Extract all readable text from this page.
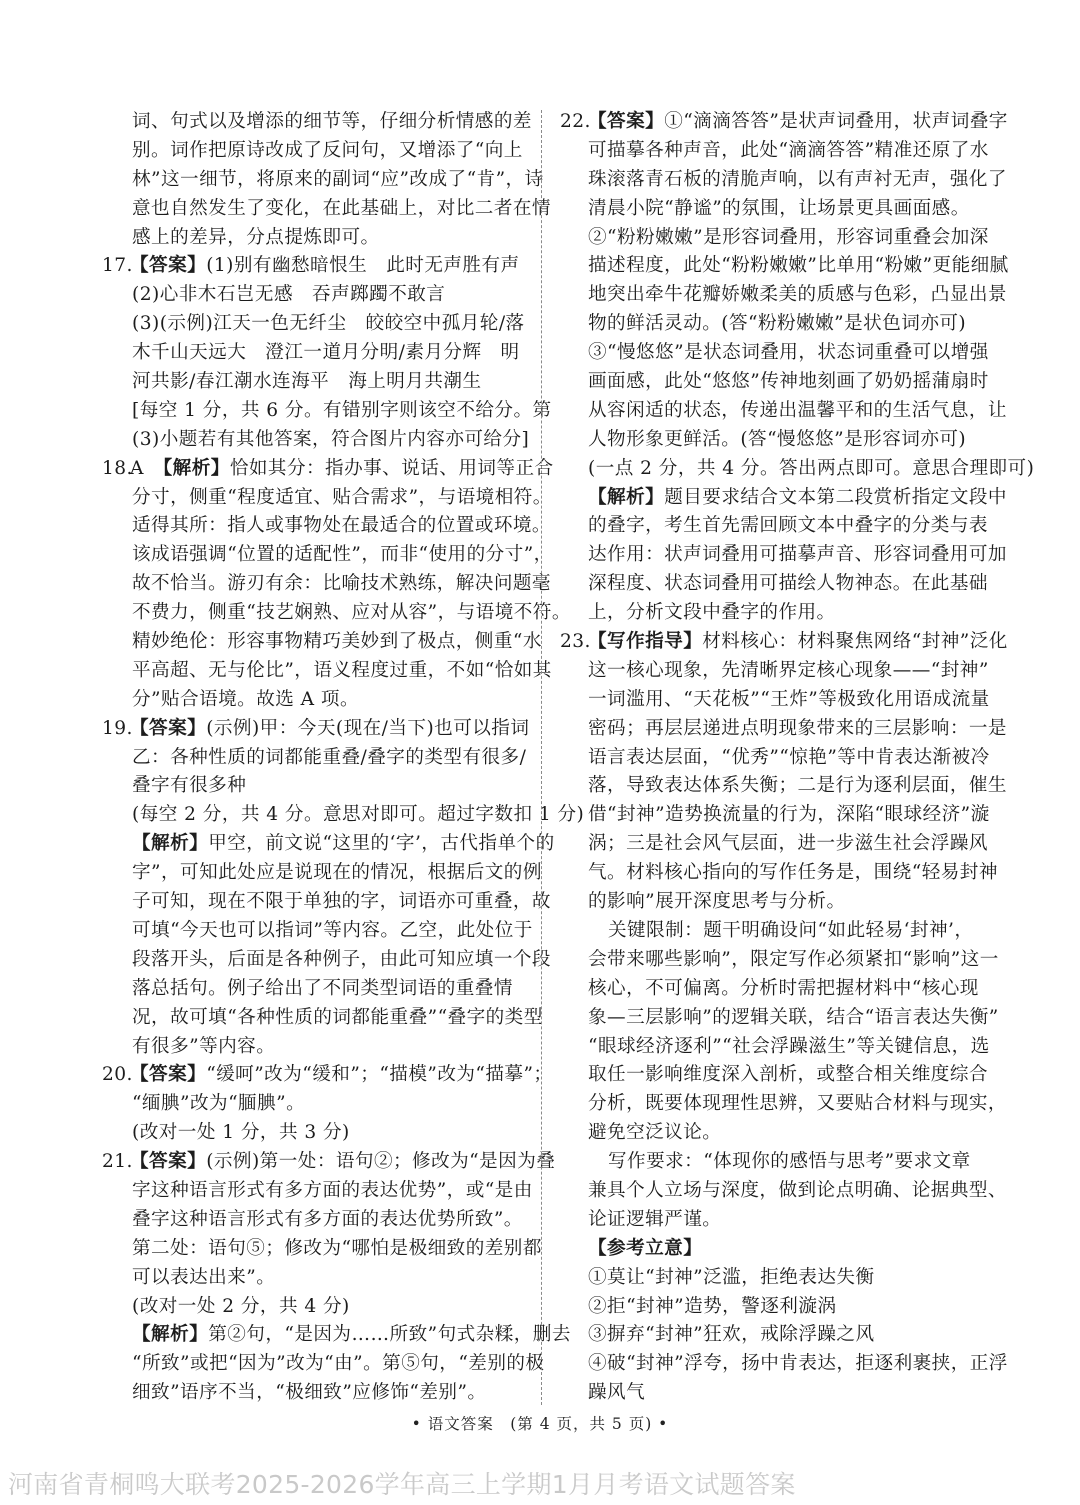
词、句式以及增添的细节等，仔细分析情感的差
别。词作把原诗改成了反问句，又增添了“向上
林”这一细节，将原来的副词“应”改成了“肯”，诗
意也自然发生了变化，在此基础上，对比二者在情
感上的差异，分点提炼即可。
17.【答案】(1)别有幽愁暗恨生　此时无声胜有声
(2)心非木石岂无感　吞声踯躅不敢言
(3)(示例)江天一色无纤尘　皎皎空中孤月轮/落
木千山天远大　澄江一道月分明/素月分辉　明
河共影/春江潮水连海平　海上明月共潮生
[每空 1 分，共 6 分。有错别字则该空不给分。第
(3)小题若有其他答案，符合图片内容亦可给分]
18.A　【解析】恰如其分：指办事、说话、用词等正合
分寸，侧重“程度适宜、贴合需求”，与语境相符。
适得其所：指人或事物处在最适合的位置或环境。
该成语强调“位置的适配性”，而非“使用的分寸”，
故不恰当。游刃有余：比喻技术熟练，解决问题毫
不费力，侧重“技艺娴熟、应对从容”，与语境不符。
精妙绝伦：形容事物精巧美妙到了极点，侧重“水
平高超、无与伦比”，语义程度过重，不如“恰如其
分”贴合语境。故选 A 项。
19.【答案】(示例)甲：今天(现在/当下)也可以指词
乙：各种性质的词都能重叠/叠字的类型有很多/
叠字有很多种
(每空 2 分，共 4 分。意思对即可。超过字数扣 1 分)
【解析】甲空，前文说“这里的‘字’，古代指单个的
字”，可知此处应是说现在的情况，根据后文的例
子可知，现在不限于单独的字，词语亦可重叠，故
可填“今天也可以指词”等内容。乙空，此处位于
段落开头，后面是各种例子，由此可知应填一个段
落总括句。例子给出了不同类型词语的重叠情
况，故可填“各种性质的词都能重叠”“叠字的类型
有很多”等内容。
20.【答案】“缓呵”改为“缓和”；“描模”改为“描摹”；
“缅腆”改为“腼腆”。
(改对一处 1 分，共 3 分)
21.【答案】(示例)第一处：语句②；修改为“是因为叠
字这种语言形式有多方面的表达优势”，或“是由
叠字这种语言形式有多方面的表达优势所致”。
第二处：语句⑤；修改为“哪怕是极细致的差别都
可以表达出来”。
(改对一处 2 分，共 4 分)
【解析】第②句，“是因为……所致”句式杂糅，删去
“所致”或把“因为”改为“由”。第⑤句，“差别的极
细致”语序不当，“极细致”应修饰“差别”。
22.【答案】①“滴滴答答”是状声词叠用，状声词叠字
可描摹各种声音，此处“滴滴答答”精准还原了水
珠滚落青石板的清脆声响，以有声衬无声，强化了
清晨小院“静谧”的氛围，让场景更具画面感。
②“粉粉嫩嫩”是形容词叠用，形容词重叠会加深
描述程度，此处“粉粉嫩嫩”比单用“粉嫩”更能细腻
地突出牵牛花瓣娇嫩柔美的质感与色彩，凸显出景
物的鲜活灵动。(答“粉粉嫩嫩”是状色词亦可)
③“慢悠悠”是状态词叠用，状态词重叠可以增强
画面感，此处“悠悠”传神地刻画了奶奶摇蒲扇时
从容闲适的状态，传递出温馨平和的生活气息，让
人物形象更鲜活。(答“慢悠悠”是形容词亦可)
(一点 2 分，共 4 分。答出两点即可。意思合理即可)
【解析】题目要求结合文本第二段赏析指定文段中
的叠字，考生首先需回顾文本中叠字的分类与表
达作用：状声词叠用可描摹声音、形容词叠用可加
深程度、状态词叠用可描绘人物神态。在此基础
上，分析文段中叠字的作用。
23.【写作指导】材料核心：材料聚焦网络“封神”泛化
这一核心现象，先清晰界定核心现象——“封神”
一词滥用、“天花板”“王炸”等极致化用语成流量
密码；再层层递进点明现象带来的三层影响：一是
语言表达层面，“优秀”“惊艳”等中肯表达渐被冷
落，导致表达体系失衡；二是行为逐利层面，催生
借“封神”造势换流量的行为，深陷“眼球经济”漩
涡；三是社会风气层面，进一步滋生社会浮躁风
气。材料核心指向的写作任务是，围绕“轻易封神
的影响”展开深度思考与分析。
关键限制：题干明确设问“如此轻易‘封神’，
会带来哪些影响”，限定写作必须紧扣“影响”这一
核心，不可偏离。分析时需把握材料中“核心现
象—三层影响”的逻辑关联，结合“语言表达失衡”
“眼球经济逐利”“社会浮躁滋生”等关键信息，选
取任一影响维度深入剖析，或整合相关维度综合
分析，既要体现理性思辨，又要贴合材料与现实，
避免空泛议论。
写作要求：“体现你的感悟与思考”要求文章
兼具个人立场与深度，做到论点明确、论据典型、
论证逻辑严谨。
【参考立意】
①莫让“封神”泛滥，拒绝表达失衡
②拒“封神”造势，警逐利漩涡
③摒弃“封神”狂欢，戒除浮躁之风
④破“封神”浮夸，扬中肯表达，拒逐利裹挟，正浮
躁风气
• 语文答案　(第 4 页，共 5 页) •
河南省青桐鸣大联考2025-2026学年高三上学期1月月考语文试题答案
